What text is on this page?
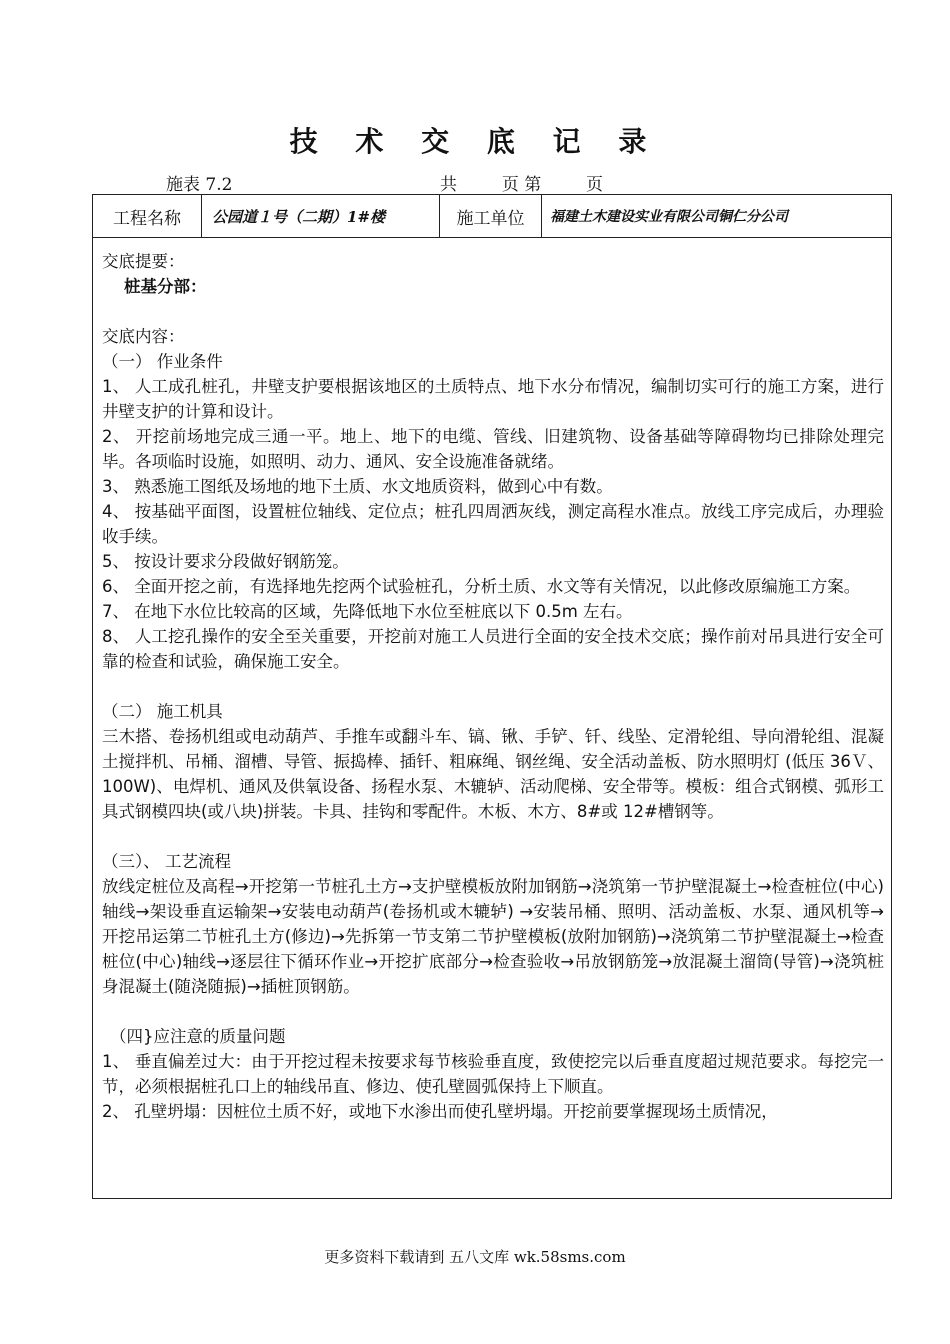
技 术 交 底 记 录
施表 7.2	共	页 第	页
工程名称	公园道１号（二期）1#楼	施工单位	福建土木建设实业有限公司铜仁分公司

交底提要：

桩基分部：

交底内容：

（一） 作业条件

1、 人工成孔桩孔，井壁支护要根据该地区的土质特点、地下水分布情况，编制切实可行的施工方案，进行井壁支护的计算和设计。

2、 开挖前场地完成三通一平。地上、地下的电缆、管线、旧建筑物、设备基础等障碍物均已排除处理完毕。各项临时设施，如照明、动力、通风、安全设施准备就绪。

3、 熟悉施工图纸及场地的地下土质、水文地质资料，做到心中有数。

4、 按基础平面图，设置桩位轴线、定位点；桩孔四周洒灰线，测定高程水准点。放线工序完成后，办理验收手续。

5、 按设计要求分段做好钢筋笼。

6、 全面开挖之前，有选择地先挖两个试验桩孔，分析土质、水文等有关情况，以此修改原编施工方案。

7、 在地下水位比较高的区域，先降低地下水位至桩底以下 0.5m 左右。

8、 人工挖孔操作的安全至关重要，开挖前对施工人员进行全面的安全技术交底；操作前对吊具进行安全可靠的检查和试验，确保施工安全。

（二） 施工机具

三木搭、卷扬机组或电动葫芦、手推车或翻斗车、镐、锹、手铲、钎、线坠、定滑轮组、导向滑轮组、混凝土搅拌机、吊桶、溜槽、导管、振捣棒、插钎、粗麻绳、钢丝绳、安全活动盖板、防水照明灯 (低压 36Ｖ、100W)、电焊机、通风及供氧设备、扬程水泵、木辘轳、活动爬梯、安全带等。模板：组合式钢模、弧形工具式钢模四块(或八块)拼装。卡具、挂钩和零配件。木板、木方、8#或 12#槽钢等。

（三）、 工艺流程

放线定桩位及高程→开挖第一节桩孔土方→支护壁模板放附加钢筋→浇筑第一节护壁混凝土→检查桩位(中心)轴线→架设垂直运输架→安装电动葫芦(卷扬机或木辘轳) →安装吊桶、照明、活动盖板、水泵、通风机等→开挖吊运第二节桩孔土方(修边)→先拆第一节支第二节护壁模板(放附加钢筋)→浇筑第二节护壁混凝土→检查桩位(中心)轴线→逐层往下循环作业→开挖扩底部分→检查验收→吊放钢筋笼→放混凝土溜筒(导管)→浇筑桩身混凝土(随浇随振)→插桩顶钢筋。

（四}应注意的质量问题

1、 垂直偏差过大：由于开挖过程未按要求每节核验垂直度，致使挖完以后垂直度超过规范要求。每挖完一节，必须根据桩孔口上的轴线吊直、修边、使孔壁圆弧保持上下顺直。

2、 孔壁坍塌：因桩位土质不好，或地下水渗出而使孔壁坍塌。开挖前要掌握现场土质情况，

更多资料下载请到 五八文库 wk.58sms.com
